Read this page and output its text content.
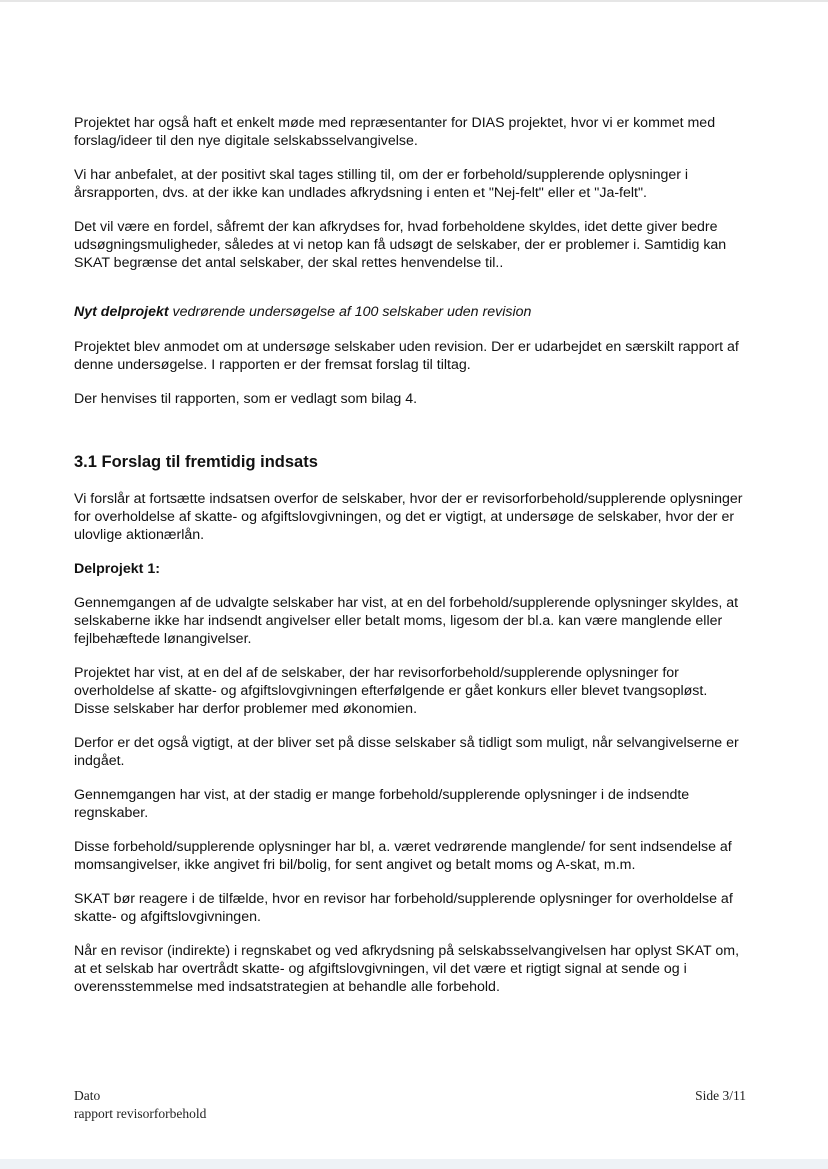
Projektet har også haft et enkelt møde med repræsentanter for DIAS projektet, hvor vi er kommet med forslag/ideer til den nye digitale selskabsselvangivelse.

Vi har anbefalet, at der positivt skal tages stilling til, om der er forbehold/supplerende oplysninger i årsrapporten, dvs. at der ikke kan undlades afkrydsning i enten et "Nej-felt" eller et "Ja-felt".

Det vil være en fordel, såfremt der kan afkrydses for, hvad forbeholdene skyldes, idet dette giver bedre udsøgningsmuligheder, således at vi netop kan få udsøgt de selskaber, der er problemer i. Samtidig kan SKAT begrænse det antal selskaber, der skal rettes henvendelse til..

Nyt delprojekt vedrørende undersøgelse af 100 selskaber uden revision

Projektet blev anmodet om at undersøge selskaber uden revision. Der er udarbejdet en særskilt rapport af denne undersøgelse. I rapporten er der fremsat forslag til tiltag.

Der henvises til rapporten, som er vedlagt som bilag 4.

3.1 Forslag til fremtidig indsats

Vi forslår at fortsætte indsatsen overfor de selskaber, hvor der er revisorforbehold/supplerende oplysninger for overholdelse af skatte- og afgiftslovgivningen, og det er vigtigt, at undersøge de selskaber, hvor der er ulovlige aktionærlån.

Delprojekt 1:

Gennemgangen af de udvalgte selskaber har vist, at en del forbehold/supplerende oplysninger skyldes, at selskaberne ikke har indsendt angivelser eller betalt moms, ligesom der bl.a. kan være manglende eller fejlbehæftede lønangivelser.

Projektet har vist, at en del af de selskaber, der har revisorforbehold/supplerende oplysninger for overholdelse af skatte- og afgiftslovgivningen efterfølgende er gået konkurs eller blevet tvangsopløst. Disse selskaber har derfor problemer med økonomien.

Derfor er det også vigtigt, at der bliver set på disse selskaber så tidligt som muligt, når selvangivelserne er indgået.

Gennemgangen har vist, at der stadig er mange forbehold/supplerende oplysninger i de indsendte regnskaber.

Disse forbehold/supplerende oplysninger har bl, a. været vedrørende manglende/ for sent indsendelse af momsangivelser, ikke angivet fri bil/bolig, for sent angivet og betalt moms og A-skat, m.m.

SKAT bør reagere i de tilfælde, hvor en revisor har forbehold/supplerende oplysninger for overholdelse af skatte- og afgiftslovgivningen.

Når en revisor (indirekte) i regnskabet og ved afkrydsning på selskabsselvangivelsen har oplyst SKAT om, at et selskab har overtrådt skatte- og afgiftslovgivningen, vil det være et rigtigt signal at sende og i overensstemmelse med indsatstrategien at behandle alle forbehold.

Dato
rapport revisorforbehold
Side 3/11
